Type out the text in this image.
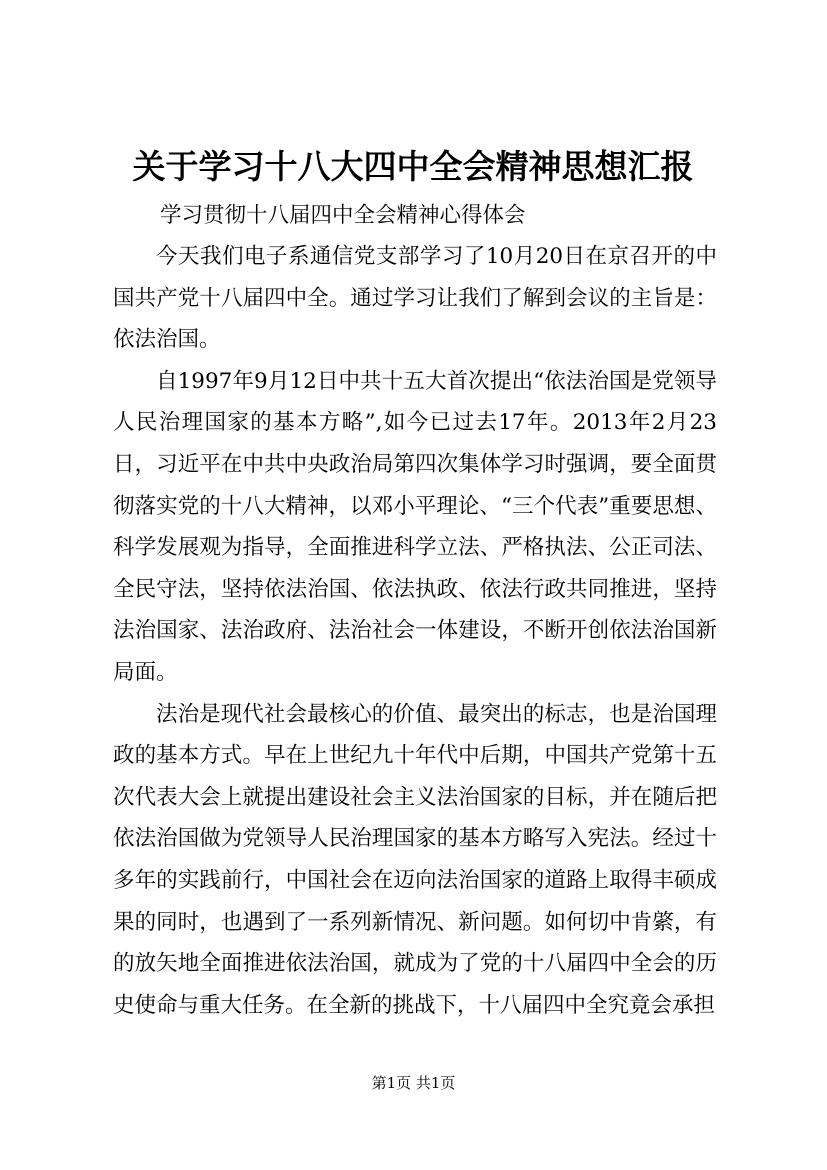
关于学习十八大四中全会精神思想汇报
学习贯彻十八届四中全会精神心得体会

今天我们电子系通信党支部学习了10月20日在京召开的中国共产党十八届四中全。通过学习让我们了解到会议的主旨是：依法治国。

自1997年9月12日中共十五大首次提出“依法治国是党领导人民治理国家的基本方略”,如今已过去17年。2013年2月23日，习近平在中共中央政治局第四次集体学习时强调，要全面贯彻落实党的十八大精神，以邓小平理论、“三个代表”重要思想、科学发展观为指导，全面推进科学立法、严格执法、公正司法、全民守法，坚持依法治国、依法执政、依法行政共同推进，坚持法治国家、法治政府、法治社会一体建设，不断开创依法治国新局面。

法治是现代社会最核心的价值、最突出的标志，也是治国理政的基本方式。早在上世纪九十年代中后期，中国共产党第十五次代表大会上就提出建设社会主义法治国家的目标，并在随后把依法治国做为党领导人民治理国家的基本方略写入宪法。经过十多年的实践前行，中国社会在迈向法治国家的道路上取得丰硕成果的同时，也遇到了一系列新情况、新问题。如何切中肯綮，有的放矢地全面推进依法治国，就成为了党的十八届四中全会的历史使命与重大任务。在全新的挑战下，十八届四中全究竟会承担

第1页 共1页
